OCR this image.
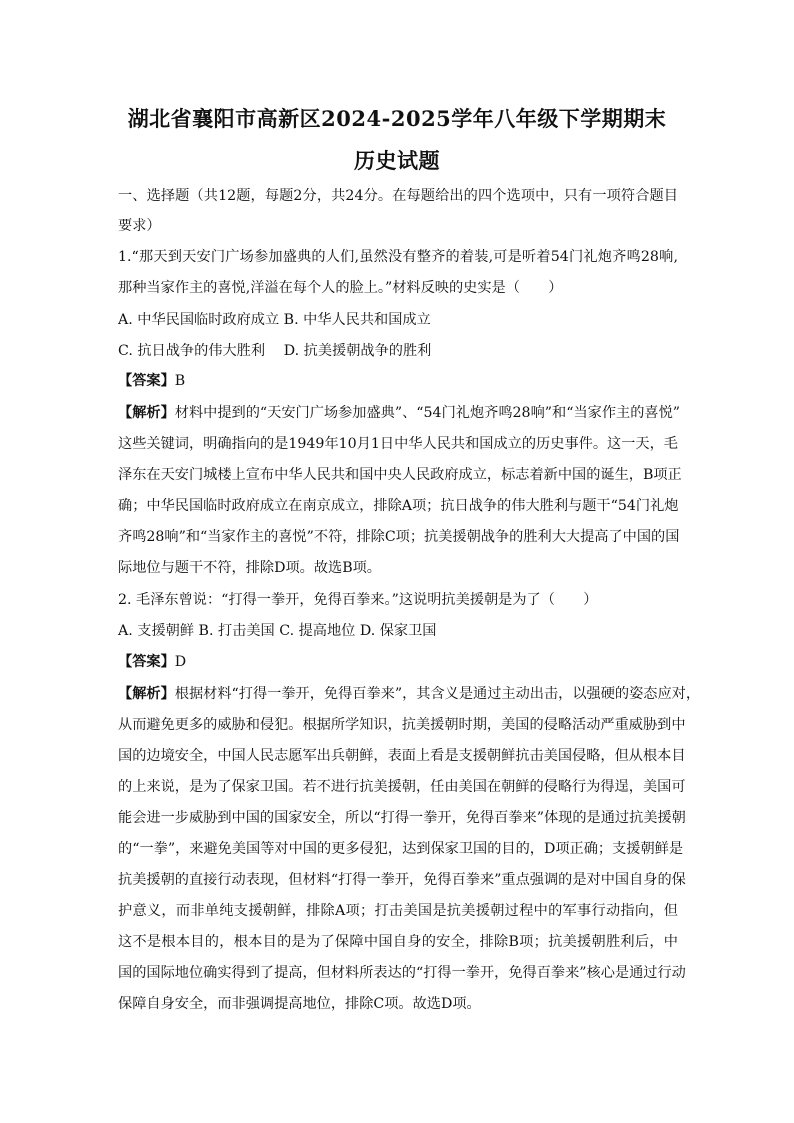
湖北省襄阳市高新区2024-2025学年八年级下学期期末
历史试题
一、选择题（共12题，每题2分，共24分。在每题给出的四个选项中，只有一项符合题目
要求）
1.“那天到天安门广场参加盛典的人们,虽然没有整齐的着装,可是听着54门礼炮齐鸣28响,
那种当家作主的喜悦,洋溢在每个人的脸上。”材料反映的史实是（　　）
A. 中华民国临时政府成立 B. 中华人民共和国成立
C. 抗日战争的伟大胜利　 D. 抗美援朝战争的胜利
【答案】B
【解析】材料中提到的“天安门广场参加盛典”、“54门礼炮齐鸣28响”和“当家作主的喜悦”
这些关键词，明确指向的是1949年10月1日中华人民共和国成立的历史事件。这一天，毛
泽东在天安门城楼上宣布中华人民共和国中央人民政府成立，标志着新中国的诞生，B项正
确；中华民国临时政府成立在南京成立，排除A项；抗日战争的伟大胜利与题干“54门礼炮
齐鸣28响”和“当家作主的喜悦”不符，排除C项；抗美援朝战争的胜利大大提高了中国的国
际地位与题干不符，排除D项。故选B项。
2. 毛泽东曾说：“打得一拳开，免得百拳来。”这说明抗美援朝是为了（　　）
A. 支援朝鲜 B. 打击美国 C. 提高地位 D. 保家卫国
【答案】D
【解析】根据材料“打得一拳开，免得百拳来”，其含义是通过主动出击，以强硬的姿态应对，
从而避免更多的威胁和侵犯。根据所学知识，抗美援朝时期，美国的侵略活动严重威胁到中
国的边境安全，中国人民志愿军出兵朝鲜，表面上看是支援朝鲜抗击美国侵略，但从根本目
的上来说，是为了保家卫国。若不进行抗美援朝，任由美国在朝鲜的侵略行为得逞，美国可
能会进一步威胁到中国的国家安全，所以“打得一拳开，免得百拳来”体现的是通过抗美援朝
的“一拳”，来避免美国等对中国的更多侵犯，达到保家卫国的目的，D项正确；支援朝鲜是
抗美援朝的直接行动表现，但材料“打得一拳开，免得百拳来”重点强调的是对中国自身的保
护意义，而非单纯支援朝鲜，排除A项；打击美国是抗美援朝过程中的军事行动指向，但
这不是根本目的，根本目的是为了保障中国自身的安全，排除B项；抗美援朝胜利后，中
国的国际地位确实得到了提高，但材料所表达的“打得一拳开，免得百拳来”核心是通过行动
保障自身安全，而非强调提高地位，排除C项。故选D项。
